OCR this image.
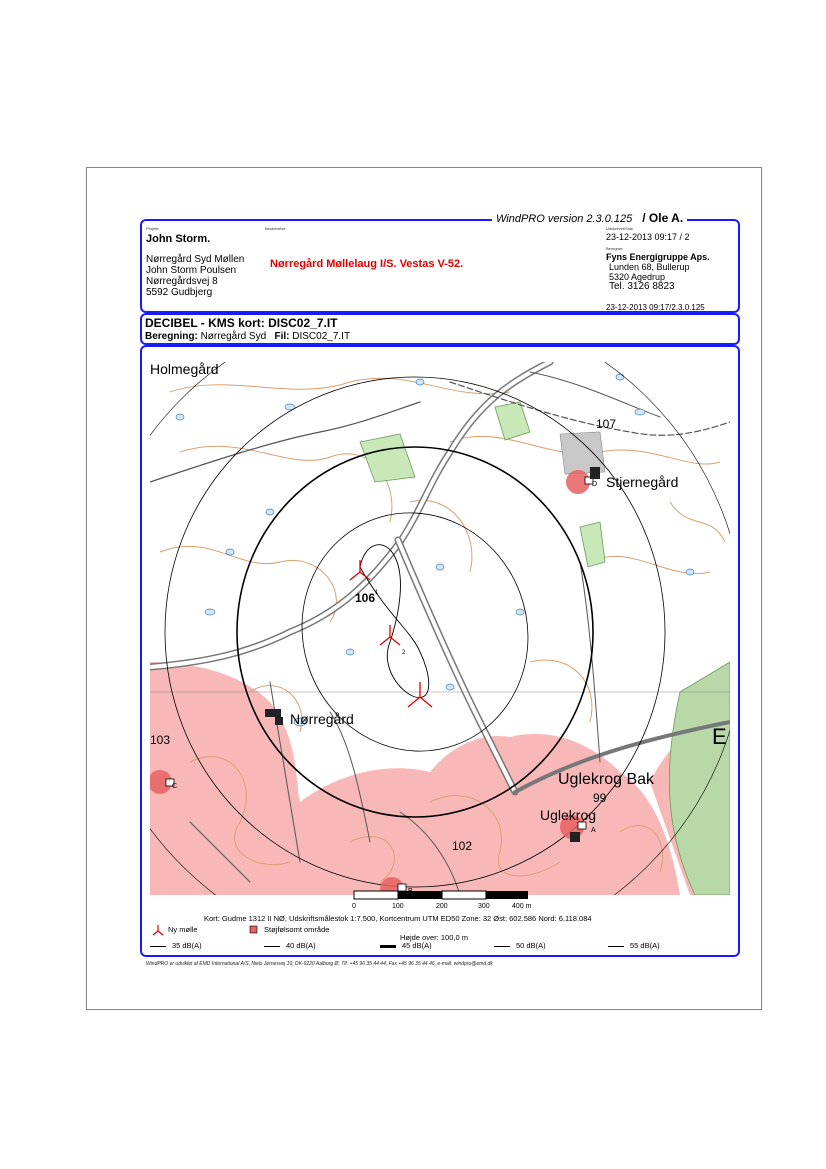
WindPRO version 2.3.0.125 / Ole A.
Projekt:	Beskrivelse:	Udskrevet/Side
Beregnet:
John Storm.
Nørregård Syd Møllen
John Storm Poulsen
Nørregårdsvej 8
5592 Gudbjerg
Nørregård Møllelaug I/S. Vestas V-52.
23-12-2013 09:17 / 2
Fyns Energigruppe Aps.
Lunden 68, Bullerup
5320 Agedrup
Tel. 3126 8823
23-12-2013 09:17/2.3.0.125
DECIBEL - KMS kort: DISC02_7.IT
Beregning: Nørregård Syd Fil: DISC02_7.IT
Holmegård
Stjernegård
Nørregård
Uglekrog Bak
Uglekrog
E
107
106
103
102
99
1
2
A
C
D
0	100	200	300	400 m
Kort: Gudme 1312 II NØ, Udskriftsmålestok 1:7.500, Kortcentrum UTM ED50 Zone: 32 Øst: 602.586 Nord: 6.118.084
Ny mølle	Støjfølsomt område
Højde over: 100,0 m
35 dB(A)	40 dB(A)	45 dB(A)	50 dB(A)	55 dB(A)
WindPRO er udviklet af EMD International A/S, Niels Jernesvej 10, DK-9220 Aalborg Ø, Tlf. +45 96 35 44 44, Fax +45 96 35 44 46, e-mail: windpro@emd.dk
